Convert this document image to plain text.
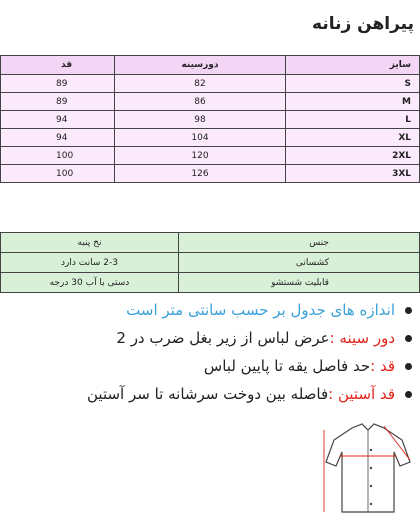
پیراهن زنانه
سایز	دورسینه	قد
S	82	89
M	86	89
L	98	94
XL	104	94
2XL	120	100
3XL	126	100
جنس	نخ پنبه
کشسانی	2-3 سانت دارد
قابلیت شستشو	دستی با آب 30 درجه
اندازه های جدول بر حسب سانتی متر است
دور سینه :
عرض لباس از زیر بغل ضرب در 2
قد :
حد فاصل یقه تا پایین لباس
قد آستین :
فاصله بین دوخت سرشانه تا سر آستین
